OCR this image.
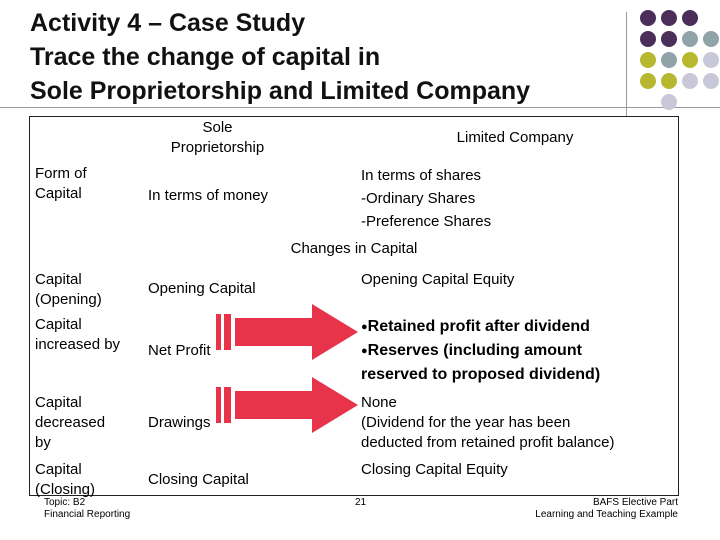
Activity 4 – Case Study
Trace the change of capital in
Sole Proprietorship and Limited Company
Sole
Proprietorship
Limited Company
Form of
Capital	In terms of money
In terms of shares
-Ordinary Shares
-Preference Shares
Changes in Capital
Capital
(Opening)
Opening Capital
Opening Capital Equity
Capital
increased by Net Profit
●Retained profit after dividend
●Reserves (including amount
reserved to proposed dividend)
Capital
decreased
by
Drawings
None
(Dividend for the year has been
deducted from retained profit balance)
Capital
(Closing)
Closing Capital
Closing Capital Equity
Topic: B2
Financial Reporting
21	BAFS Elective Part
Learning and Teaching Example
